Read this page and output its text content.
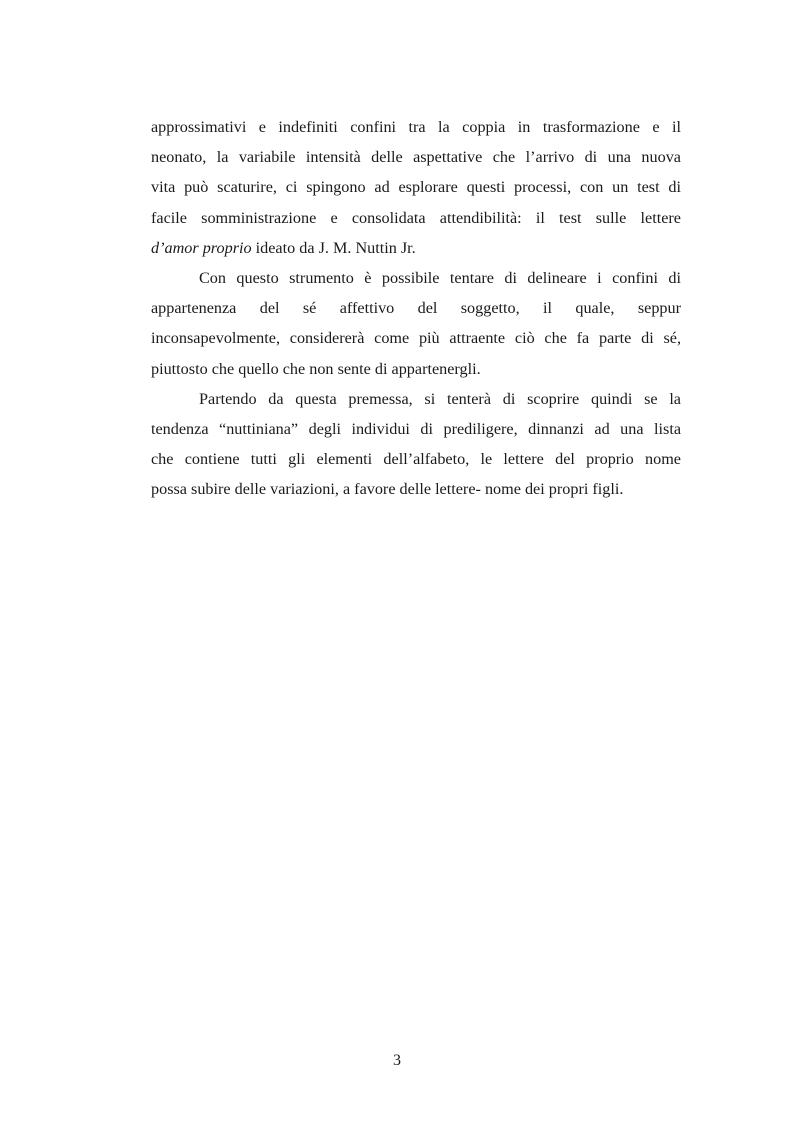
approssimativi e indefiniti confini tra la coppia in trasformazione e il
neonato, la variabile intensità delle aspettative che l’arrivo di una nuova
vita può scaturire, ci spingono ad esplorare questi processi, con un test di
facile somministrazione e consolidata attendibilità: il test sulle lettere
d’amor proprio ideato da J. M. Nuttin Jr.

Con questo strumento è possibile tentare di delineare i confini di
appartenenza del sé affettivo del soggetto, il quale, seppur
inconsapevolmente, considererà come più attraente ciò che fa parte di sé,
piuttosto che quello che non sente di appartenergli.

Partendo da questa premessa, si tenterà di scoprire quindi se la
tendenza “nuttiniana” degli individui di prediligere, dinnanzi ad una lista
che contiene tutti gli elementi dell’alfabeto, le lettere del proprio nome
possa subire delle variazioni, a favore delle lettere- nome dei propri figli.

3
